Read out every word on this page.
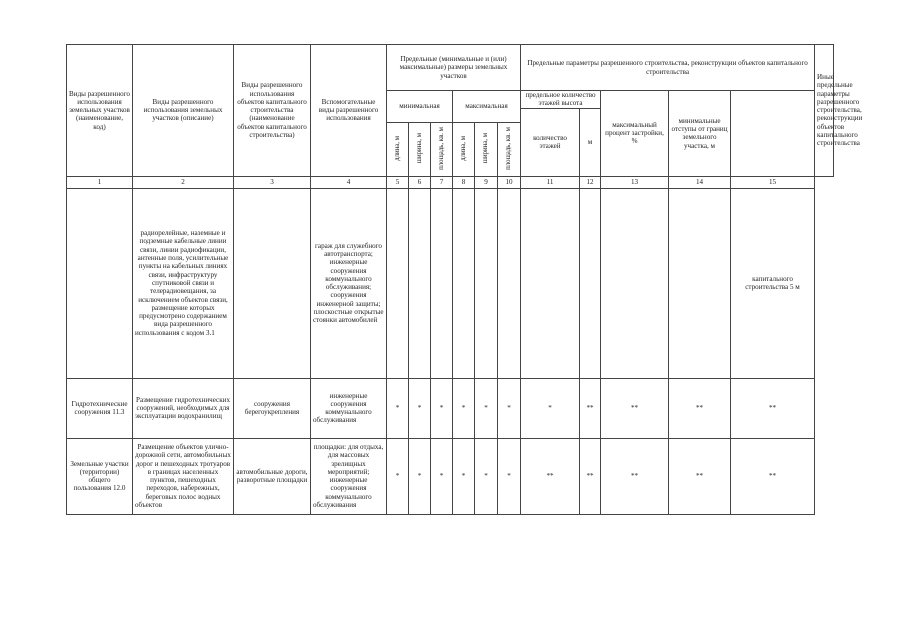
Виды разрешенного использования земельных участков (наименование, код)	Виды разрешенного использования земельных участков (описание)	Виды разрешенного использования объектов капитального строительства (наименование объектов капитального строительства)	Вспомогательные виды разрешенного использования	Предельные (минимальные и (или) максимальные) размеры земельных участков						Предельные параметры разрешенного строительства, реконструкции объектов капитального строительства					Иные предельные параметры разрешенного строительства, реконструкции объектов капитального строительства
				минимальная			максимальная			предельное количество этажей высота		максимальный процент застройки, %	минимальные отступы от границ земельного участка, м		
										количество этажей	м				
				длина, м	ширина, м	площадь, кв. м	длина, м	ширина, м	площадь, кв. м						
1	2	3	4	5	6	7	8	9	10	11	12	13	14	15	
	радиорелейные, наземные и подземные кабельные линии связи, линии радиофикации, антенные поля, усилительные пункты на кабельных линиях связи, инфраструктуру спутниковой связи и телерадиовещания, за исключением объектов связи, размещение которых предусмотрено содержанием вида разрешенного использования с кодом 3.1		гараж для служебного автотранспорта; инженерные сооружения коммунального обслуживания; сооружения инженерной защиты; плоскостные открытые стоянки автомобилей											капитального строительства 5 м	
Гидротехнические сооружения 11.3	Размещение гидротехнических сооружений, необходимых для эксплуатации водохранилищ	сооружения берегоукрепления	инженерные сооружения коммунального обслуживания	*	*	*	*	*	*	*	**	**	**	**	
Земельные участки (территории) общего пользования 12.0	Размещение объектов улично-дорожной сети, автомобильных дорог и пешеходных тротуаров в границах населенных пунктов, пешеходных переходов, набережных, береговых полос водных объектов	автомобильные дороги, разворотные площадки	площадки: для отдыха, для массовых зрелищных мероприятий; инженерные сооружения коммунального обслуживания	*	*	*	*	*	*	**	**	**	**	**	
